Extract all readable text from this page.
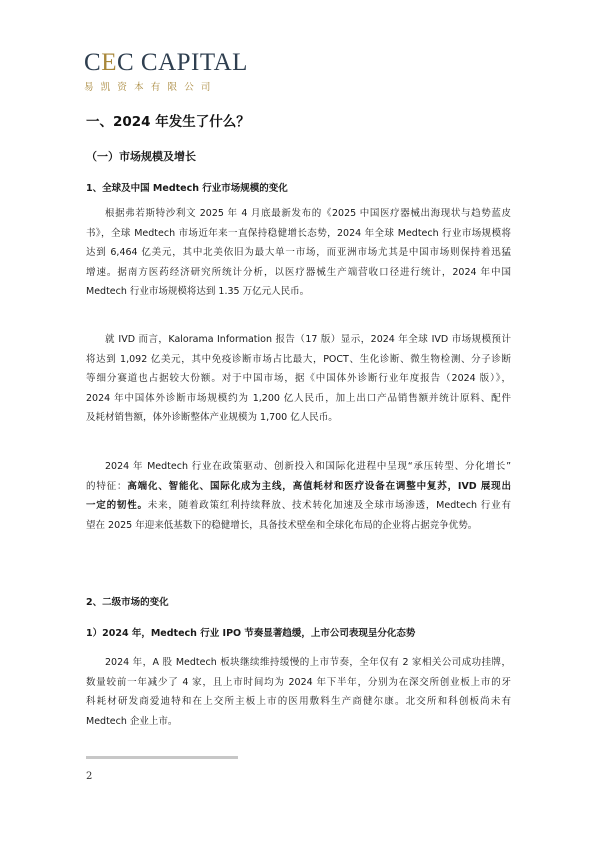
CEC CAPITAL
易凯资本有限公司
一、2024 年发生了什么？
（一）市场规模及增长
1、全球及中国 Medtech 行业市场规模的变化

根据弗若斯特沙利文 2025 年 4 月底最新发布的《2025 中国医疗器械出海现状与趋势蓝皮

书》，全球 Medtech 市场近年来一直保持稳健增长态势，2024 年全球 Medtech 行业市场规模将

达到 6,464 亿美元，其中北美依旧为最大单一市场，而亚洲市场尤其是中国市场则保持着迅猛

增速。据南方医药经济研究所统计分析，以医疗器械生产端营收口径进行统计，2024 年中国

Medtech 行业市场规模将达到 1.35 万亿元人民币。

就 IVD 而言，Kalorama Information 报告（17 版）显示，2024 年全球 IVD 市场规模预计

将达到 1,092 亿美元，其中免疫诊断市场占比最大，POCT、生化诊断、微生物检测、分子诊断

等细分赛道也占据较大份额。对于中国市场，据《中国体外诊断行业年度报告（2024 版）》，

2024 年中国体外诊断市场规模约为 1,200 亿人民币，加上出口产品销售额并统计原料、配件

及耗材销售额，体外诊断整体产业规模为 1,700 亿人民币。

2024 年 Medtech 行业在政策驱动、创新投入和国际化进程中呈现“承压转型、分化增长”

的特征：高端化、智能化、国际化成为主线，高值耗材和医疗设备在调整中复苏，IVD 展现出

一定的韧性。未来，随着政策红利持续释放、技术转化加速及全球市场渗透，Medtech 行业有

望在 2025 年迎来低基数下的稳健增长，具备技术壁垒和全球化布局的企业将占据竞争优势。

2、二级市场的变化
1）2024 年，Medtech 行业 IPO 节奏显著趋缓，上市公司表现呈分化态势

2024 年，A 股 Medtech 板块继续维持缓慢的上市节奏，全年仅有 2 家相关公司成功挂牌，

数量较前一年减少了 4 家，且上市时间均为 2024 年下半年，分别为在深交所创业板上市的牙

科耗材研发商爱迪特和在上交所主板上市的医用敷料生产商健尔康。北交所和科创板尚未有

Medtech 企业上市。

2
